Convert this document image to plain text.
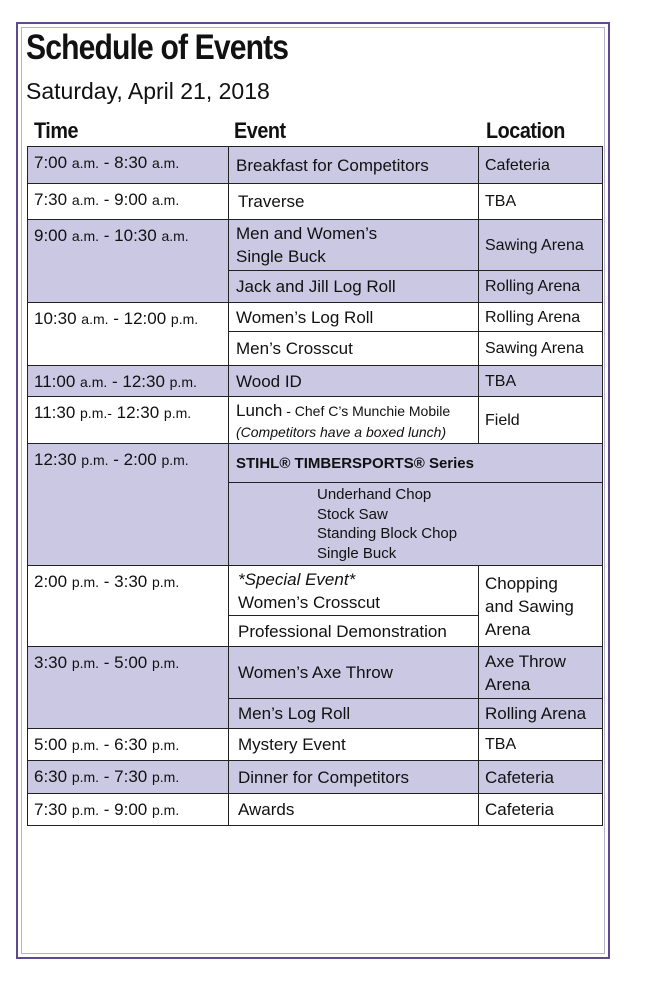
Schedule of Events
Saturday, April 21, 2018
Time	Event	Location
7:00 a.m. - 8:30 a.m.
7:30 a.m. - 9:00 a.m.
9:00 a.m. - 10:30 a.m.
10:30 a.m. - 12:00 p.m.
11:00 a.m. - 12:30 p.m.
11:30 p.m.- 12:30 p.m.
12:30 p.m. - 2:00 p.m.
2:00 p.m. - 3:30 p.m.
3:30 p.m. - 5:00 p.m.
5:00 p.m. - 6:30 p.m.
6:30 p.m. - 7:30 p.m.
7:30 p.m. - 9:00 p.m.
Breakfast for Competitors
Traverse
Men and Women’s
Single Buck
Jack and Jill Log Roll
Women’s Log Roll
Men’s Crosscut
Wood ID
Lunch - Chef C’s Munchie Mobile
(Competitors have a boxed lunch)
STIHL® TIMBERSPORTS® Series
Underhand Chop
Stock Saw
Standing Block Chop
Single Buck
*Special Event*
Women’s Crosscut
Professional Demonstration
Women’s Axe Throw
Men’s Log Roll
Mystery Event
Dinner for Competitors
Awards
Cafeteria
TBA
Sawing Arena
Rolling Arena
Rolling Arena
Sawing Arena
TBA
Field
Chopping
and Sawing
Arena
Axe Throw
Arena
Rolling Arena
TBA
Cafeteria
Cafeteria
